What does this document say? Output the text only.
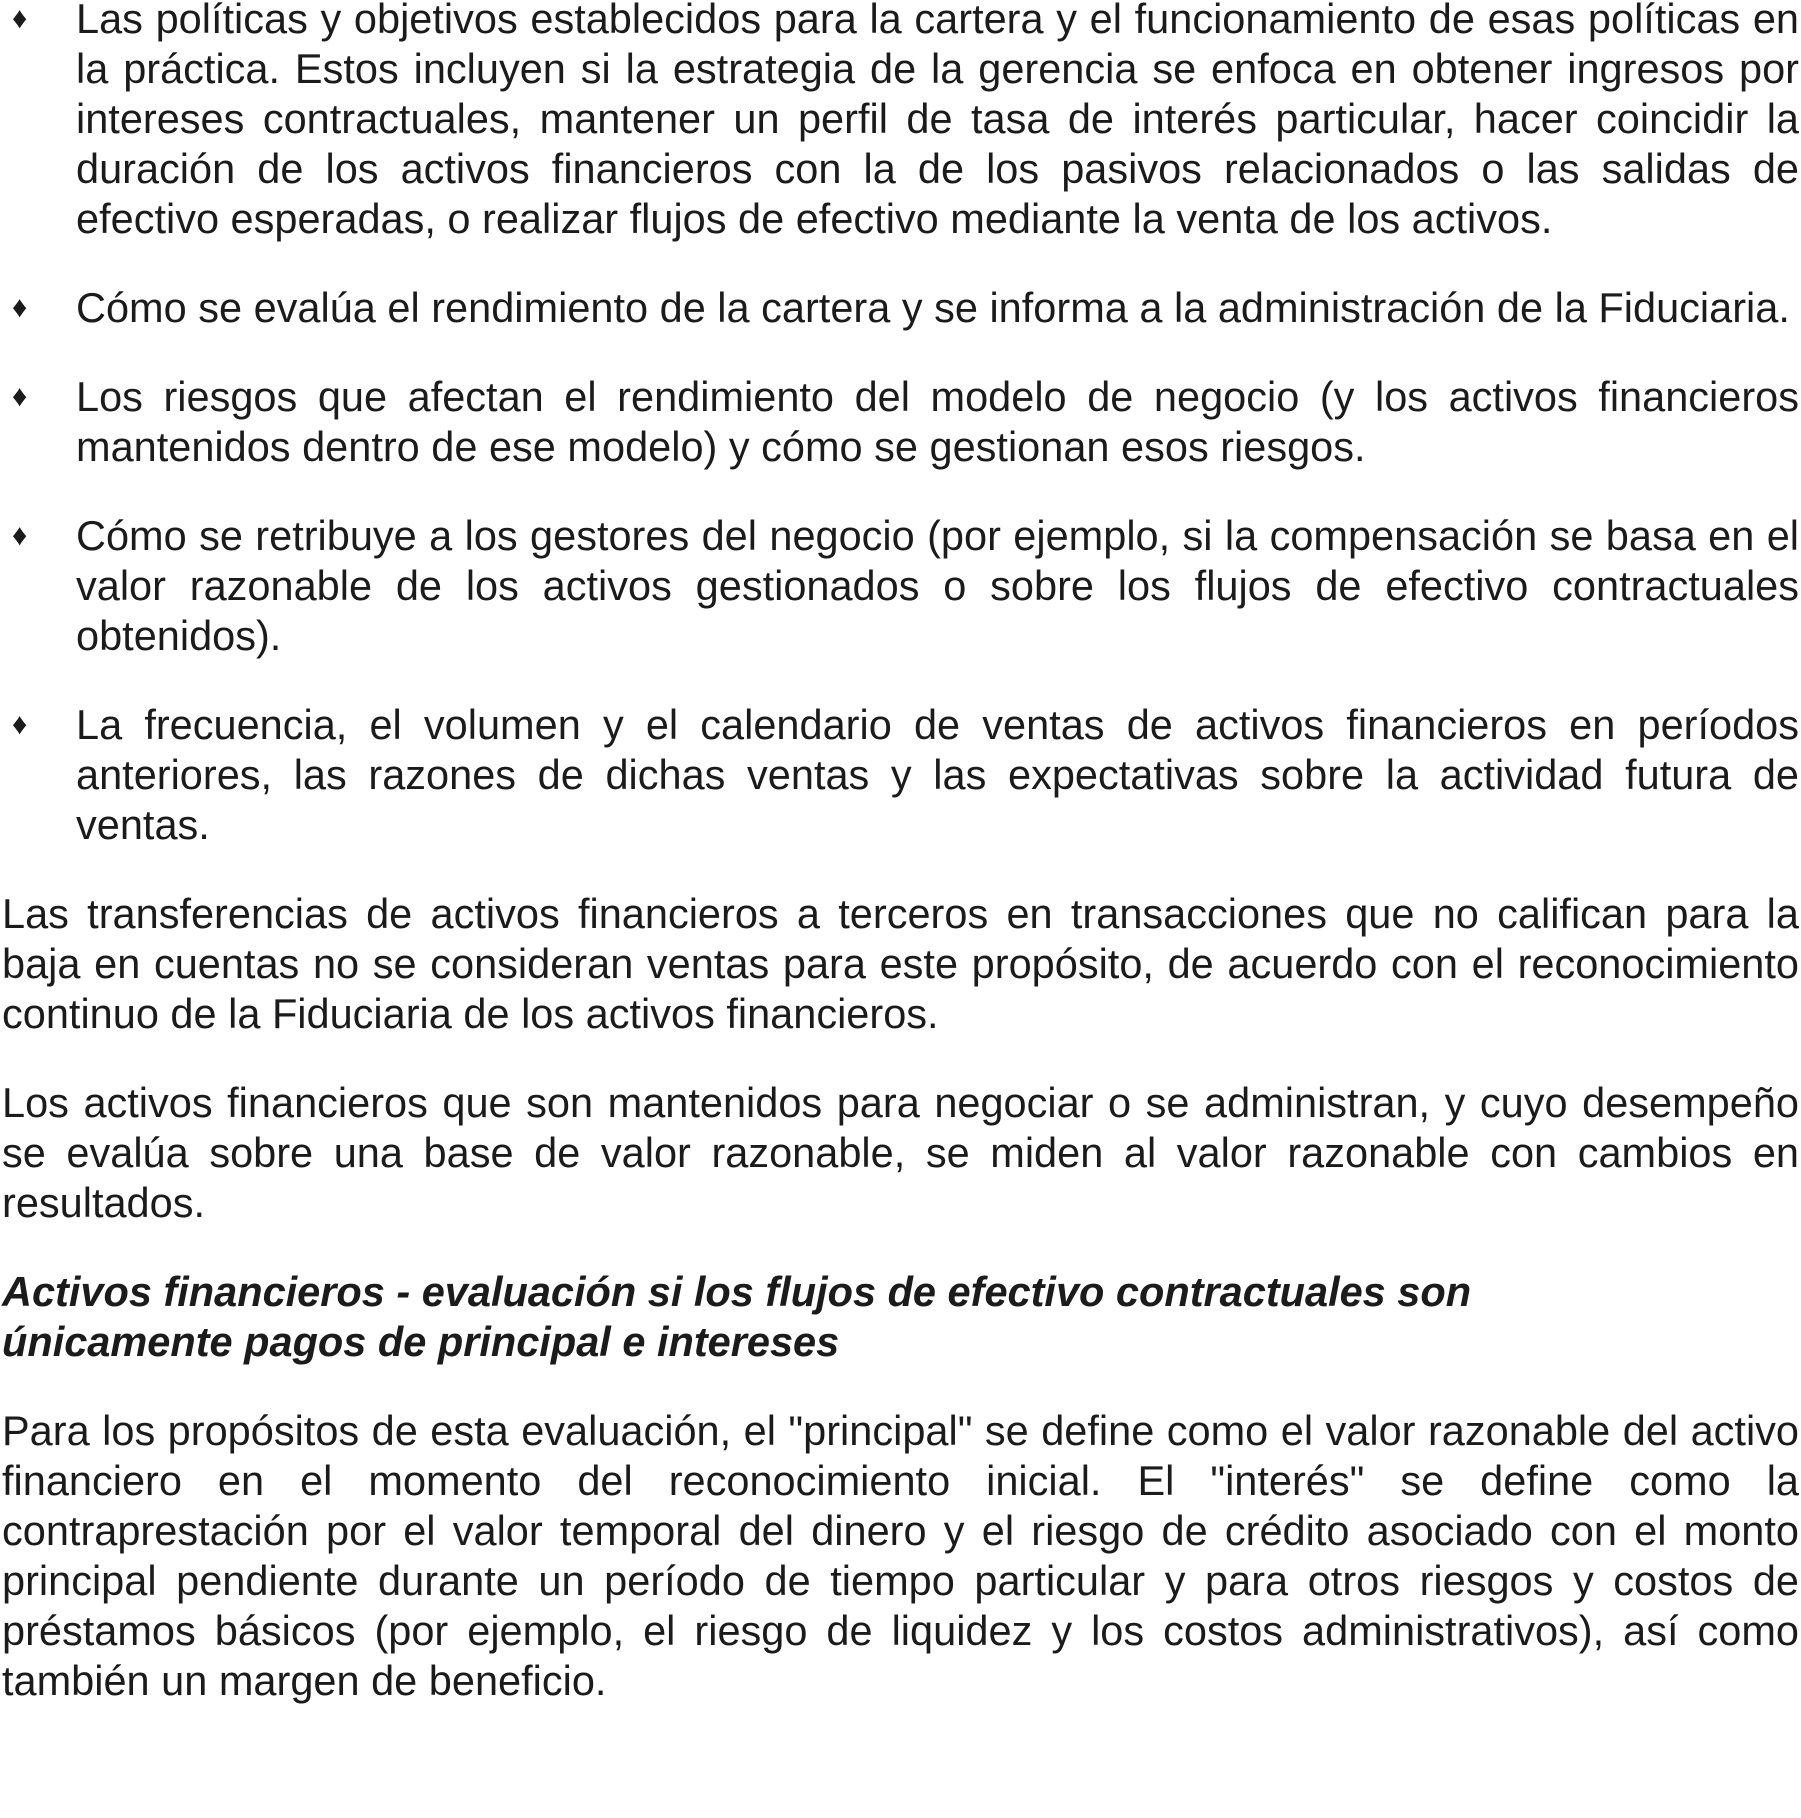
♦ Las políticas y objetivos establecidos para la cartera y el funcionamiento de esas políticas en la práctica. Estos incluyen si la estrategia de la gerencia se enfoca en obtener ingresos por intereses contractuales, mantener un perfil de tasa de interés particular, hacer coincidir la duración de los activos financieros con la de los pasivos relacionados o las salidas de efectivo esperadas, o realizar flujos de efectivo mediante la venta de los activos.
♦ Cómo se evalúa el rendimiento de la cartera y se informa a la administración de la Fiduciaria.
♦ Los riesgos que afectan el rendimiento del modelo de negocio (y los activos financieros mantenidos dentro de ese modelo) y cómo se gestionan esos riesgos.
♦ Cómo se retribuye a los gestores del negocio (por ejemplo, si la compensación se basa en el valor razonable de los activos gestionados o sobre los flujos de efectivo contractuales obtenidos).
♦ La frecuencia, el volumen y el calendario de ventas de activos financieros en períodos anteriores, las razones de dichas ventas y las expectativas sobre la actividad futura de ventas.

Las transferencias de activos financieros a terceros en transacciones que no califican para la baja en cuentas no se consideran ventas para este propósito, de acuerdo con el reconocimiento continuo de la Fiduciaria de los activos financieros.

Los activos financieros que son mantenidos para negociar o se administran, y cuyo desempeño se evalúa sobre una base de valor razonable, se miden al valor razonable con cambios en resultados.

Activos financieros - evaluación si los flujos de efectivo contractuales son
únicamente pagos de principal e intereses

Para los propósitos de esta evaluación, el "principal" se define como el valor razonable del activo financiero en el momento del reconocimiento inicial. El "interés" se define como la contraprestación por el valor temporal del dinero y el riesgo de crédito asociado con el monto principal pendiente durante un período de tiempo particular y para otros riesgos y costos de préstamos básicos (por ejemplo, el riesgo de liquidez y los costos administrativos), así como también un margen de beneficio.
